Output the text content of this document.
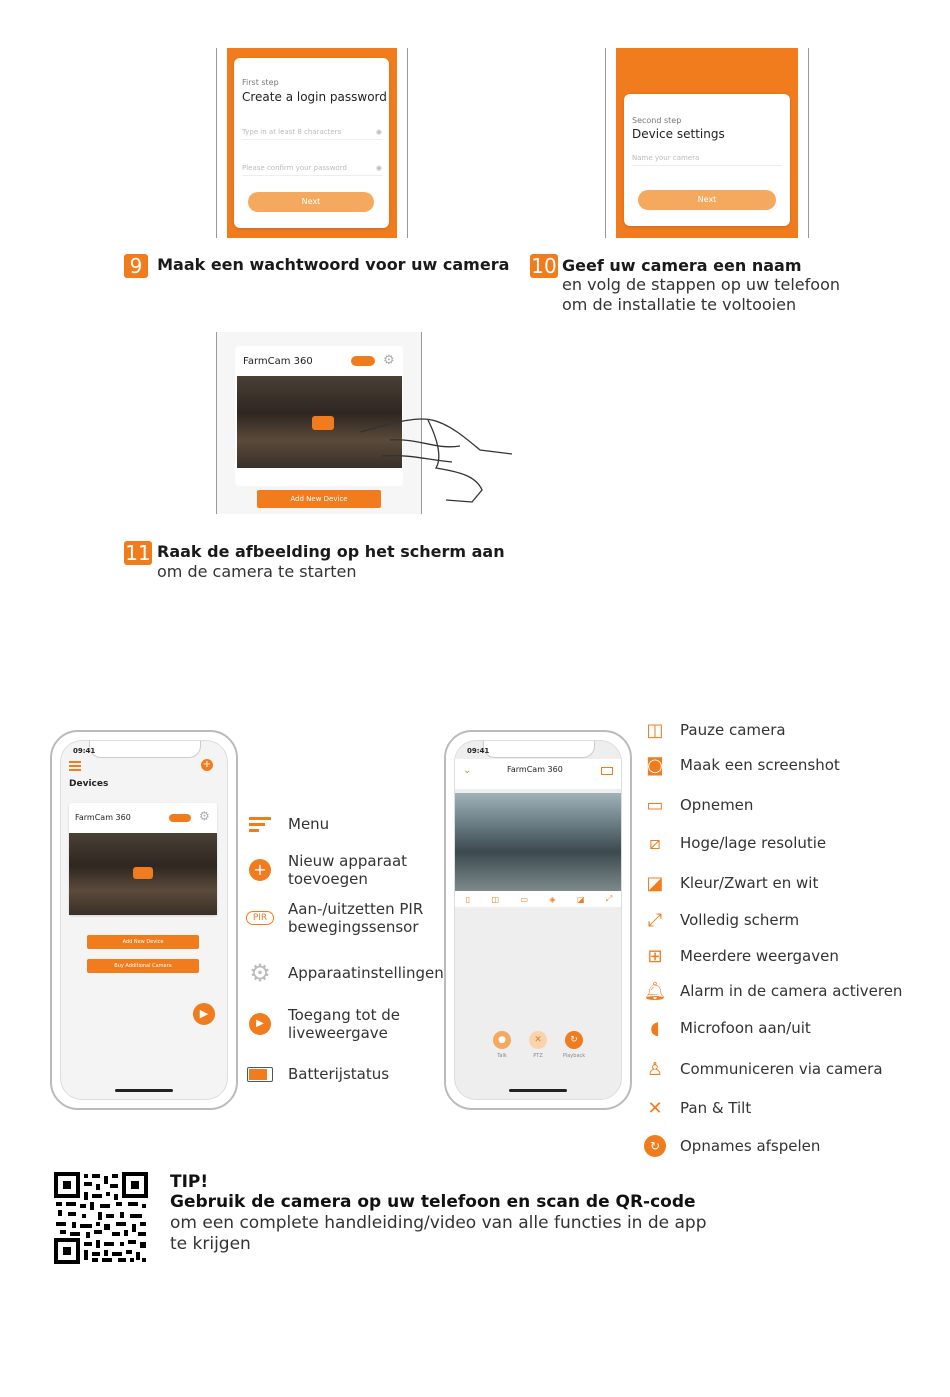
First step
Create a login password
Type in at least 8 characters	◉
Please confirm your password	◉
Next
9 Maak een wachtwoord voor uw camera
Second step
Device settings
Name your camera
Next
10 Geef uw camera een naam
en volg de stappen op uw telefoon
om de installatie te voltooien
FarmCam 360	⚙
Add New Device
11 Raak de afbeelding op het scherm aan
om de camera te starten
09:41
+
Devices
FarmCam 360	⚙
Add New Device
Buy Additional Camera
▶
Menu
+ Nieuw apparaat
toevoegen
PIR	Aan-/uitzetten PIR
bewegingssensor
⚙ Apparaatinstellingen
▶	Toegang tot de
liveweergave
Batterijstatus
09:41
⌄	FarmCam 360
▯	◫	▭	◈	◪	⤢
●	✕	↻
Talk	PTZ	Playback
◫	Pauze camera
◙	Maak een screenshot
▭	Opnemen
⧄	Hoge/lage resolutie
◪	Kleur/Zwart en wit
⤢	Volledig scherm
⊞	Meerdere weergaven
🔔︎ Alarm in de camera activeren
◖	Microfoon aan/uit
♙	Communiceren via camera
✕	Pan & Tilt
↻	Opnames afspelen
TIP!
Gebruik de camera op uw telefoon en scan de QR-code
om een complete handleiding/video van alle functies in de app
te krijgen
